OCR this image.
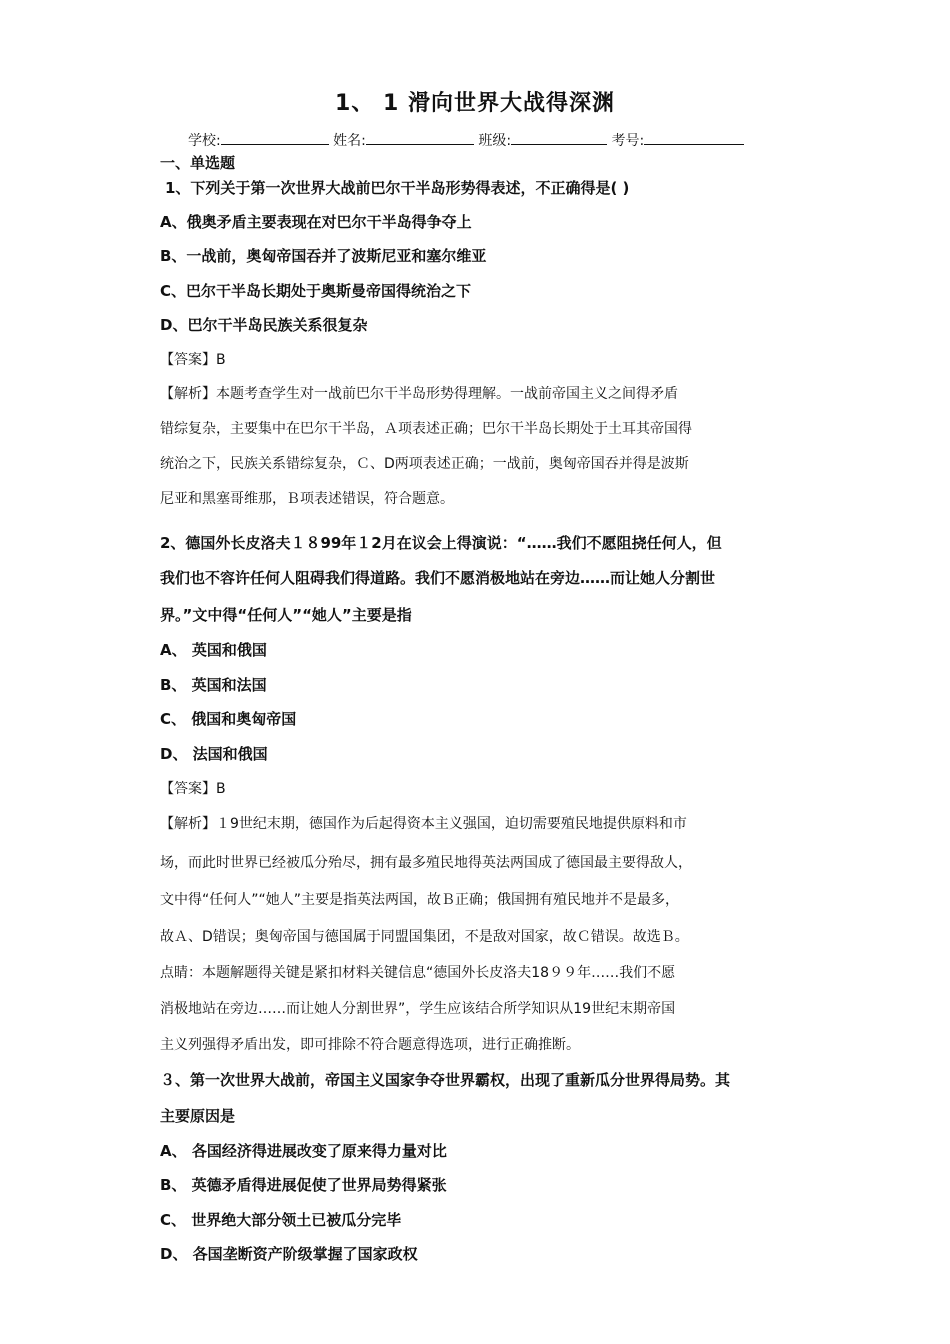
1、 1 滑向世界大战得深渊
学校:	姓名:	班级:	考号:
一、单选题
1、下列关于第一次世界大战前巴尔干半岛形势得表述，不正确得是( )
A、俄奥矛盾主要表现在对巴尔干半岛得争夺上
B、一战前，奥匈帝国吞并了波斯尼亚和塞尔维亚
C、巴尔干半岛长期处于奥斯曼帝国得统治之下
D、巴尔干半岛民族关系很复杂
【答案】B
【解析】本题考查学生对一战前巴尔干半岛形势得理解。一战前帝国主义之间得矛盾
错综复杂，主要集中在巴尔干半岛，Ａ项表述正确；巴尔干半岛长期处于土耳其帝国得
统治之下，民族关系错综复杂，Ｃ、D两项表述正确；一战前，奥匈帝国吞并得是波斯
尼亚和黑塞哥维那，Ｂ项表述错误，符合题意。
2、德国外长皮洛夫１８99年１2月在议会上得演说：“……我们不愿阻挠任何人，但
我们也不容许任何人阻碍我们得道路。我们不愿消极地站在旁边……而让她人分割世
界。”文中得“任何人”“她人”主要是指
A、 英国和俄国
B、 英国和法国
C、 俄国和奥匈帝国
D、 法国和俄国
【答案】B
【解析】１9世纪末期，德国作为后起得资本主义强国，迫切需要殖民地提供原料和市
场，而此时世界已经被瓜分殆尽，拥有最多殖民地得英法两国成了德国最主要得敌人，
文中得“任何人”“她人”主要是指英法两国，故Ｂ正确；俄国拥有殖民地并不是最多，
故Ａ、D错误；奥匈帝国与德国属于同盟国集团，不是敌对国家，故Ｃ错误。故选Ｂ。
点睛：本题解题得关键是紧扣材料关键信息“德国外长皮洛夫18９９年……我们不愿
消极地站在旁边……而让她人分割世界”，学生应该结合所学知识从19世纪末期帝国
主义列强得矛盾出发，即可排除不符合题意得选项，进行正确推断。
３、第一次世界大战前，帝国主义国家争夺世界霸权，出现了重新瓜分世界得局势。其
主要原因是
A、 各国经济得进展改变了原来得力量对比
B、 英德矛盾得进展促使了世界局势得紧张
C、 世界绝大部分领土已被瓜分完毕
D、 各国垄断资产阶级掌握了国家政权
